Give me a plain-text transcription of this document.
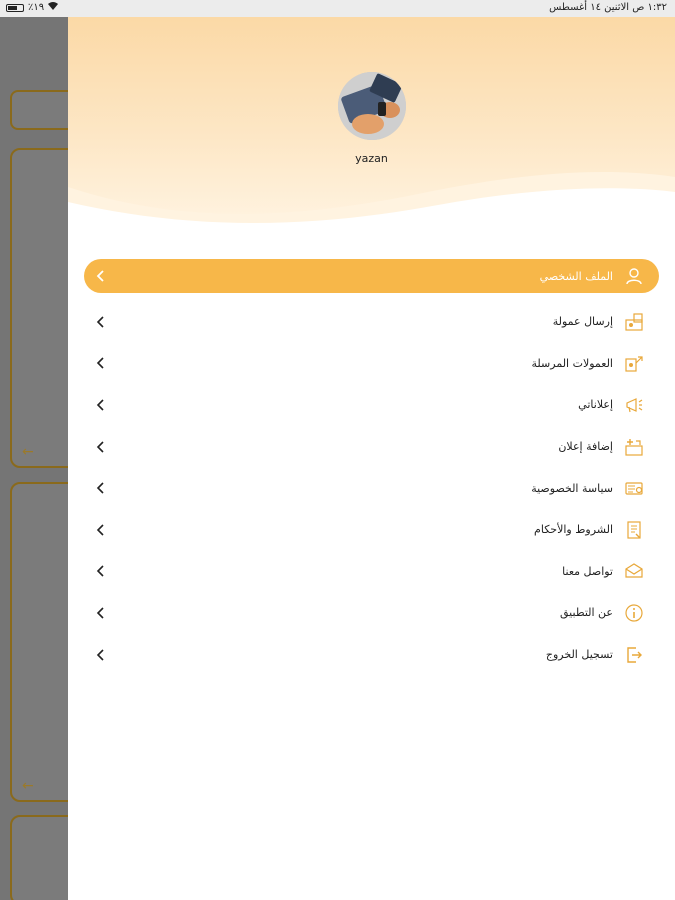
٪١٩	١:٣٢ ص الاثنين ١٤ أغسطس
←
←
yazan
الملف الشخصي
إرسال عمولة
العمولات المرسلة
إعلاناتي
إضافة إعلان
سياسة الخصوصية
الشروط والأحكام
تواصل معنا
عن التطبيق
تسجيل الخروج
